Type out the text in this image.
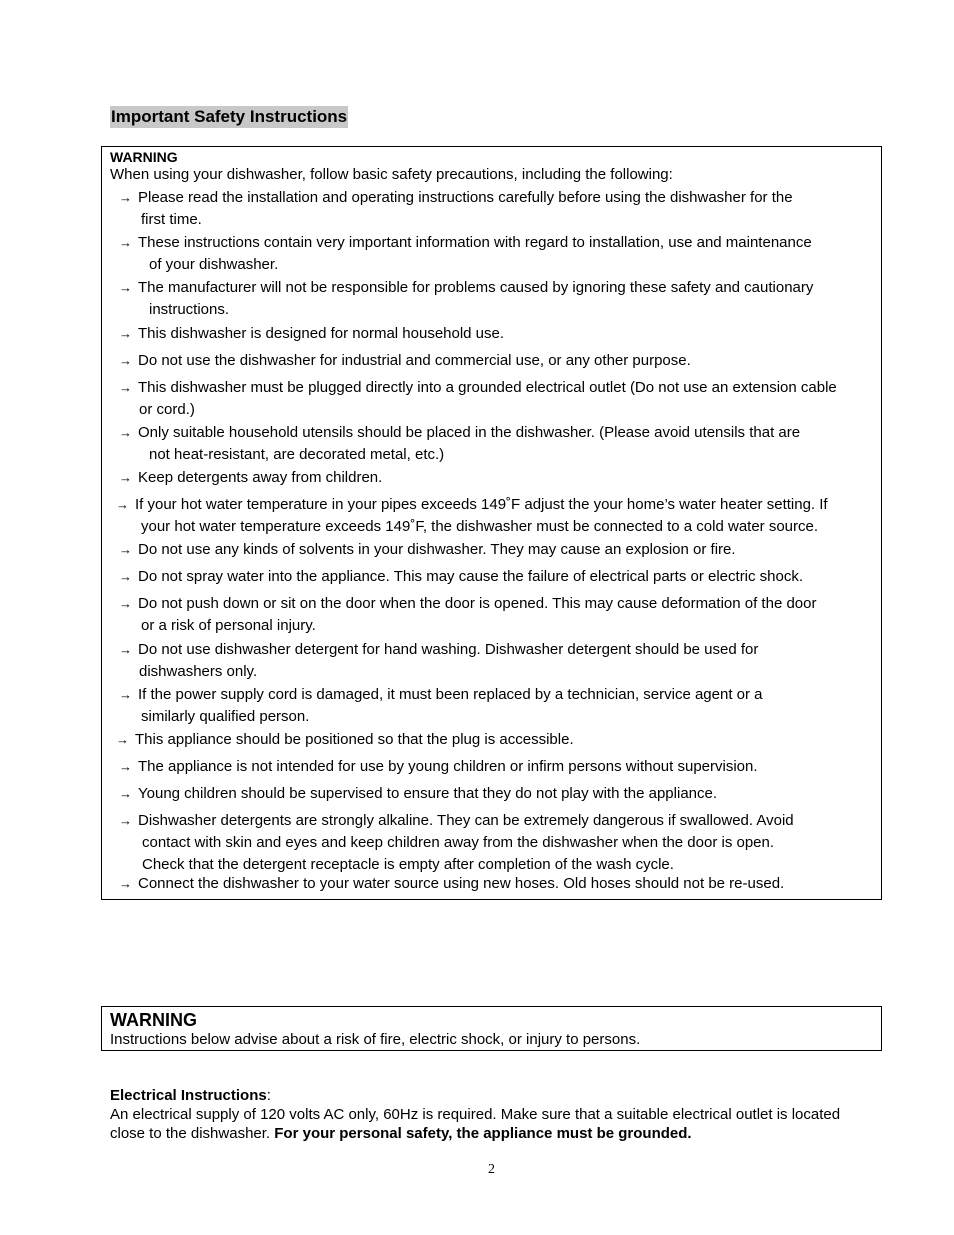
Important Safety Instructions
WARNING
When using your dishwasher, follow basic safety precautions, including the following:
→ Please read the installation and operating instructions carefully before using the dishwasher for the
first time.
→ These instructions contain very important information with regard to installation, use and maintenance
of your dishwasher.
→ The manufacturer will not be responsible for problems caused by ignoring these safety and cautionary
instructions.
→ This dishwasher is designed for normal household use.
→ Do not use the dishwasher for industrial and commercial use, or any other purpose.
→ This dishwasher must be plugged directly into a grounded electrical outlet (Do not use an extension cable
or cord.)
→ Only suitable household utensils should be placed in the dishwasher. (Please avoid utensils that are
not heat-resistant, are decorated metal, etc.)
→ Keep detergents away from children.
→ If your hot water temperature in your pipes exceeds 149˚F adjust the your home’s water heater setting. If
your hot water temperature exceeds 149˚F, the dishwasher must be connected to a cold water source.
→ Do not use any kinds of solvents in your dishwasher. They may cause an explosion or fire.
→ Do not spray water into the appliance. This may cause the failure of electrical parts or electric shock.
→ Do not push down or sit on the door when the door is opened. This may cause deformation of the door
or a risk of personal injury.
→ Do not use dishwasher detergent for hand washing. Dishwasher detergent should be used for
dishwashers only.
→ If the power supply cord is damaged, it must been replaced by a technician, service agent or a
similarly qualified person.
→ This appliance should be positioned so that the plug is accessible.
→ The appliance is not intended for use by young children or infirm persons without supervision.
→ Young children should be supervised to ensure that they do not play with the appliance.
→ Dishwasher detergents are strongly alkaline. They can be extremely dangerous if swallowed. Avoid
contact with skin and eyes and keep children away from the dishwasher when the door is open.
Check that the detergent receptacle is empty after completion of the wash cycle.
→ Connect the dishwasher to your water source using new hoses. Old hoses should not be re-used.
WARNING
Instructions below advise about a risk of fire, electric shock, or injury to persons.
Electrical Instructions:
An electrical supply of 120 volts AC only, 60Hz is required. Make sure that a suitable electrical outlet is located
close to the dishwasher. For your personal safety, the appliance must be grounded.
2
